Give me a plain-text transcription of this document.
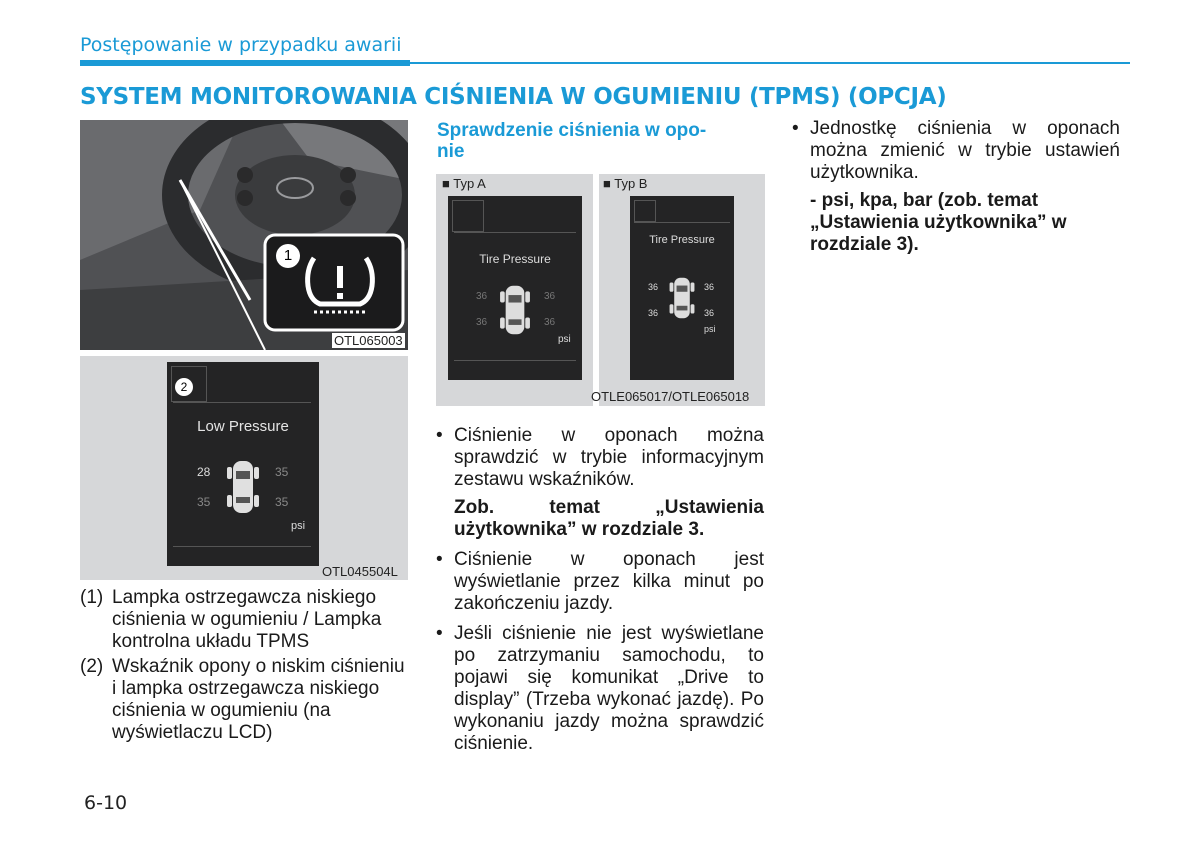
Postępowanie w przypadku awarii
SYSTEM MONITOROWANIA CIŚNIENIA W OGUMIENIU (TPMS) (OPCJA)
1
OTL065003
Low Pressure
28	35
35	35
psi
2
OTL045504L
(1) Lampka ostrzegawcza niskiego ciśnienia w ogumieniu / Lampka kontrolna układu TPMS
(2) Wskaźnik opony o niskim ciśnieniu i lampka ostrzegawcza niskiego ciśnienia w ogumieniu (na wyświetlaczu LCD)
Sprawdzenie ciśnienia w opo-
nie
■ Typ A
Tire Pressure
36	36
36	36
psi
■ Typ B
Tire Pressure
36	36
36	36
psi
OTLE065017/OTLE065018
• Ciśnienie w oponach można sprawdzić w trybie informacyjnym zestawu wskaźników.
Zob. temat „Ustawienia użytkownika” w rozdziale 3.
• Ciśnienie w oponach jest wyświetlanie przez kilka minut po zakończeniu jazdy.
• Jeśli ciśnienie nie jest wyświetlane po zatrzymaniu samochodu, to pojawi się komunikat „Drive to display” (Trzeba wykonać jazdę). Po wykonaniu jazdy można sprawdzić ciśnienie.
• Jednostkę ciśnienia w oponach można zmienić w trybie ustawień użytkownika.
- psi, kpa, bar (zob. temat „Ustawienia użytkownika” w rozdziale 3).
6-10
